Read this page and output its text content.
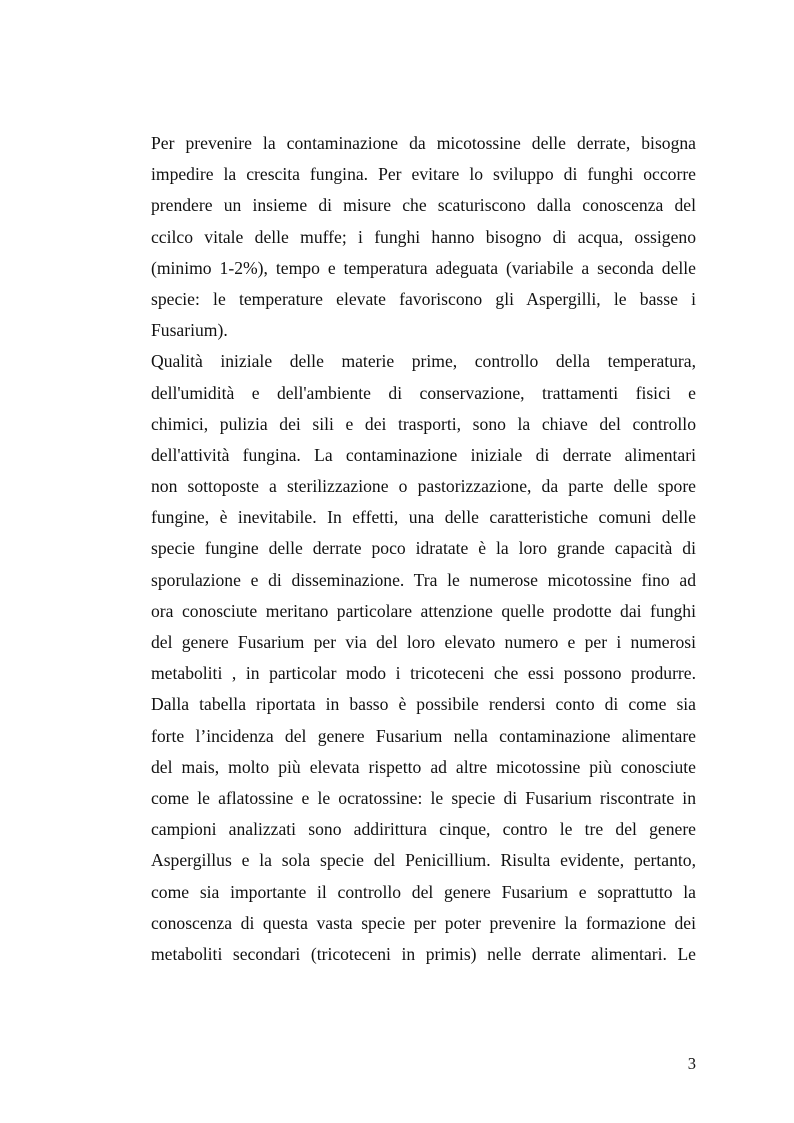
Per prevenire la contaminazione da micotossine delle derrate, bisogna
impedire la crescita fungina. Per evitare lo sviluppo di funghi occorre
prendere un insieme di misure che scaturiscono dalla conoscenza del
ccilco vitale delle muffe; i funghi hanno bisogno di acqua, ossigeno
(minimo 1-2%), tempo e temperatura adeguata (variabile a seconda delle
specie: le temperature elevate favoriscono gli Aspergilli, le basse i
Fusarium).
Qualità iniziale delle materie prime, controllo della temperatura,
dell'umidità e dell'ambiente di conservazione, trattamenti fisici e
chimici, pulizia dei sili e dei trasporti, sono la chiave del controllo
dell'attività fungina. La contaminazione iniziale di derrate alimentari
non sottoposte a sterilizzazione o pastorizzazione, da parte delle spore
fungine, è inevitabile. In effetti, una delle caratteristiche comuni delle
specie fungine delle derrate poco idratate è la loro grande capacità di
sporulazione e di disseminazione. Tra le numerose micotossine fino ad
ora conosciute meritano particolare attenzione quelle prodotte dai funghi
del genere Fusarium per via del loro elevato numero e per i numerosi
metaboliti , in particolar modo i tricoteceni che essi possono produrre.
Dalla tabella riportata in basso è possibile rendersi conto di come sia
forte l’incidenza del genere Fusarium nella contaminazione alimentare
del mais, molto più elevata rispetto ad altre micotossine più conosciute
come le aflatossine e le ocratossine: le specie di Fusarium riscontrate in
campioni analizzati sono addirittura cinque, contro le tre del genere
Aspergillus e la sola specie del Penicillium. Risulta evidente, pertanto,
come sia importante il controllo del genere Fusarium e soprattutto la
conoscenza di questa vasta specie per poter prevenire la formazione dei
metaboliti secondari (tricoteceni in primis) nelle derrate alimentari. Le
3
